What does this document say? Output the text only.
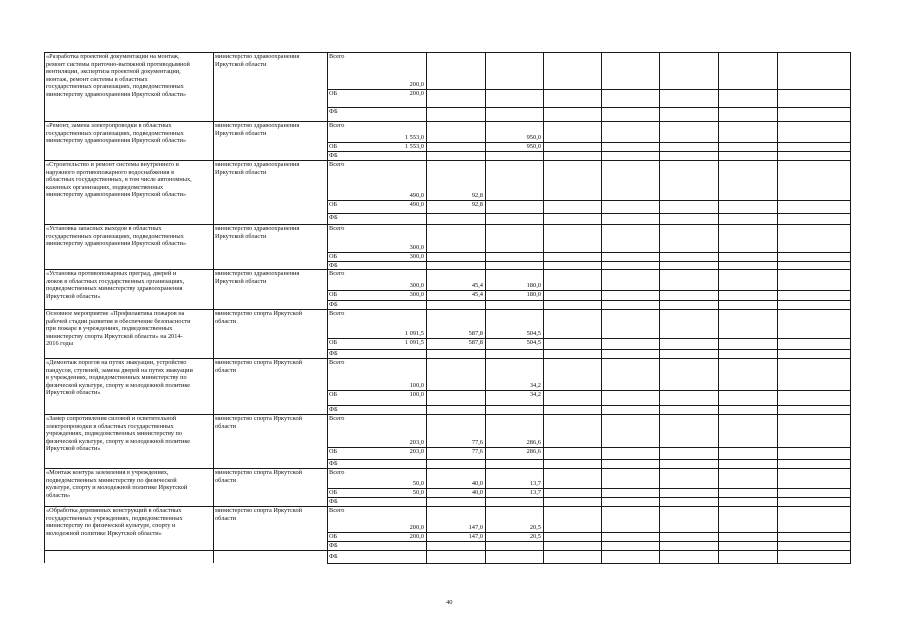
«Разработка проектной документации на монтаж,
ремонт системы приточно-вытяжной противодымной
вентиляции, экспертиза проектной документации,
монтаж, ремонт системы в областных
государственных организациях, подведомственных
министерству здравоохранения Иркутской области»
министерство здравоохранения
Иркутской области
Всего
ОБ
ФБ
200,0
200,0
«Ремонт, замена электропроводки в областных
государственных организациях, подведомственных
министерству здравоохранения Иркутской области»
министерство здравоохранения
Иркутской области
Всего
ОБ
ФБ
1 553,0
1 553,0
950,0
950,0
«Строительство и ремонт системы внутреннего и
наружного противопожарного водоснабжения в
областных государственных, в том числе автономных,
казенных организациях, подведомственных
министерству здравоохранения Иркутской области»
министерство здравоохранения
Иркутской области
Всего
ОБ
ФБ
490,0
490,0
92,8
92,8
«Установка запасных выходов в областных
государственных организациях, подведомственных
министерству здравоохранения Иркутской области»
министерство здравоохранения
Иркутской области
Всего
ОБ
ФБ
300,0
300,0
«Установка противопожарных преград, дверей и
люков в областных государственных организациях,
подведомственных министерству здравоохранения
Иркутской области»
министерство здравоохранения
Иркутской области
Всего
ОБ
ФБ
300,0
300,0
45,4
45,4
180,0
180,0
Основное мероприятие «Профилактика пожаров на
рабочей стадии развития и обеспечение безопасности
при пожаре в учреждениях, подведомственных
министерству спорта Иркутской области» на 2014-
2016 годы
министерство спорта Иркутской
области
Всего
ОБ
ФБ
1 091,5
1 091,5
587,8
587,8
504,5
504,5
«Демонтаж порогов на путях эвакуации, устройство
пандусов, ступеней, замена дверей на путях эвакуации
в учреждениях, подведомственных министерству по
физической культуре, спорту и молодежной политике
Иркутской области»
министерство спорта Иркутской
области
Всего
ОБ
ФБ
100,0
100,0
34,2
34,2
«Замер сопротивления силовой и осветительной
электропроводки в областных государственных
учреждениях, подведомственных министерству по
физической культуре, спорту и молодежной политике
Иркутской области»
министерство спорта Иркутской
области
Всего
ОБ
ФБ
203,0
203,0
77,6
77,6
286,6
286,6
«Монтаж контура заземления в учреждениях,
подведомственных министерству по физической
культуре, спорту и молодежной политике Иркутской
области»
министерство спорта Иркутской
области
Всего
ОБ
ФБ
50,0
50,0
40,0
40,0
13,7
13,7
«Обработка деревянных конструкций в областных
государственных учреждениях, подведомственных
министерству по физической культуре, спорту и
молодежной политике Иркутской области»
министерство спорта Иркутской
области
Всего
ОБ
ФБ
200,0
200,0
147,0
147,0
20,5
20,5
ФБ
40
